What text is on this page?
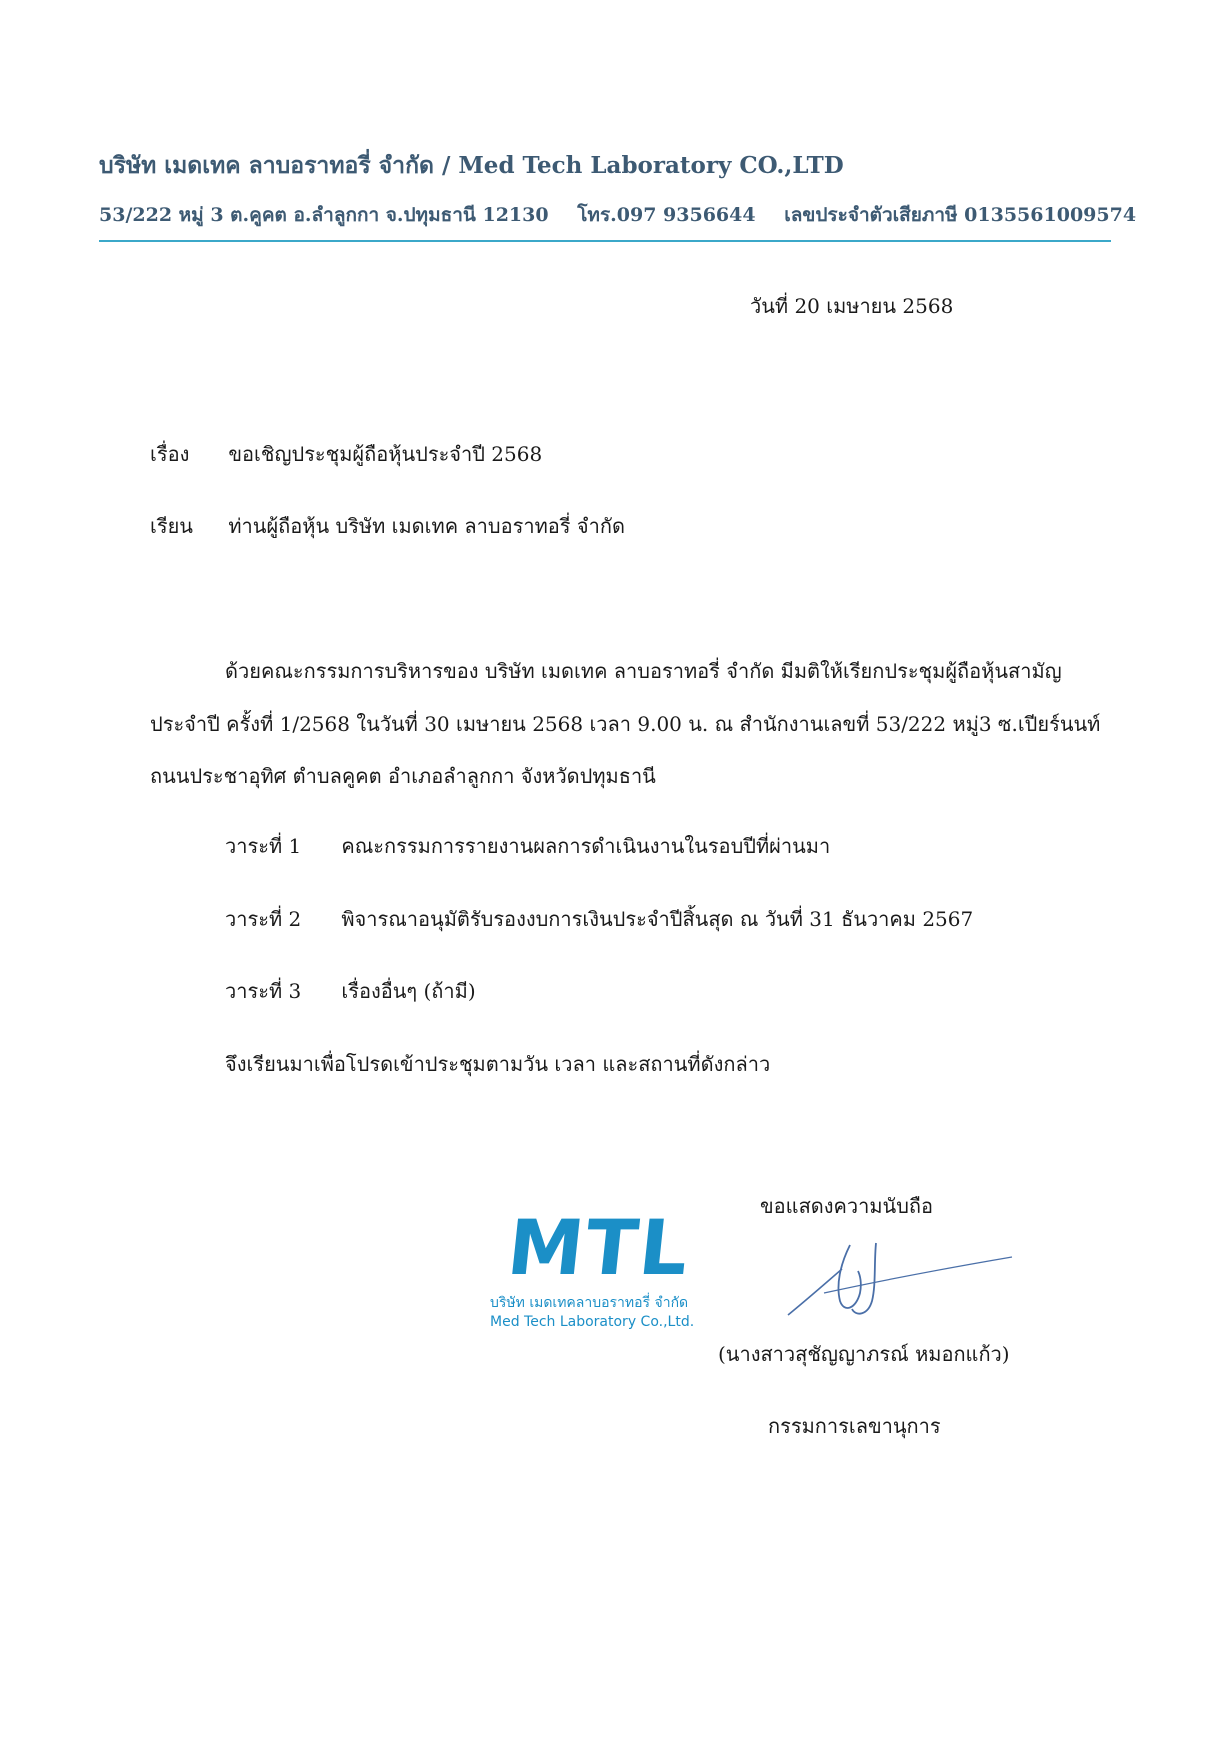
บริษัท เมดเทค ลาบอราทอรี่ จำกัด / Med Tech Laboratory CO.,LTD
53/222 หมู่ 3 ต.คูคต อ.ลำลูกกา จ.ปทุมธานี 12130 โทร.097 9356644 เลขประจำตัวเสียภาษี 0135561009574
วันที่ 20 เมษายน 2568
เรื่อง ขอเชิญประชุมผู้ถือหุ้นประจำปี 2568
เรียน ท่านผู้ถือหุ้น บริษัท เมดเทค ลาบอราทอรี่ จำกัด
ด้วยคณะกรรมการบริหารของ บริษัท เมดเทค ลาบอราทอรี่ จำกัด มีมติให้เรียกประชุมผู้ถือหุ้นสามัญ
ประจำปี ครั้งที่ 1/2568 ในวันที่ 30 เมษายน 2568 เวลา 9.00 น. ณ สำนักงานเลขที่ 53/222 หมู่3 ซ.เปียร์นนท์
ถนนประชาอุทิศ ตำบลคูคต อำเภอลำลูกกา จังหวัดปทุมธานี
วาระที่ 1 คณะกรรมการรายงานผลการดำเนินงานในรอบปีที่ผ่านมา
วาระที่ 2 พิจารณาอนุมัติรับรองงบการเงินประจำปีสิ้นสุด ณ วันที่ 31 ธันวาคม 2567
วาระที่ 3 เรื่องอื่นๆ (ถ้ามี)
จึงเรียนมาเพื่อโปรดเข้าประชุมตามวัน เวลา และสถานที่ดังกล่าว
MTL
บริษัท เมดเทคลาบอราทอรี่ จำกัด
Med Tech Laboratory Co.,Ltd.
ขอแสดงความนับถือ
(นางสาวสุชัญญาภรณ์ หมอกแก้ว)
กรรมการเลขานุการ
